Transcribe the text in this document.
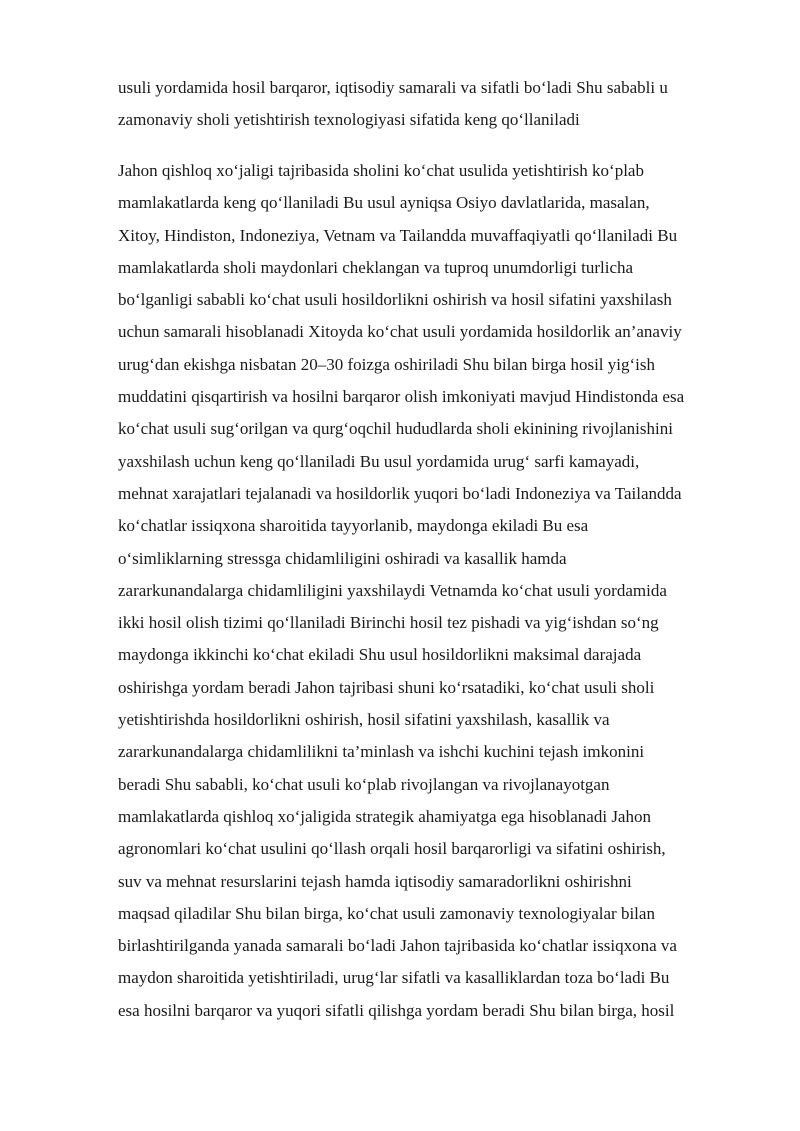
usuli yordamida hosil barqaror, iqtisodiy samarali va sifatli bo‘ladi Shu sababli u
zamonaviy sholi yetishtirish texnologiyasi sifatida keng qo‘llaniladi

Jahon qishloq xo‘jaligi tajribasida sholini ko‘chat usulida yetishtirish ko‘plab
mamlakatlarda keng qo‘llaniladi Bu usul ayniqsa Osiyo davlatlarida, masalan,
Xitoy, Hindiston, Indoneziya, Vetnam va Tailandda muvaffaqiyatli qo‘llaniladi Bu
mamlakatlarda sholi maydonlari cheklangan va tuproq unumdorligi turlicha
bo‘lganligi sababli ko‘chat usuli hosildorlikni oshirish va hosil sifatini yaxshilash
uchun samarali hisoblanadi Xitoyda ko‘chat usuli yordamida hosildorlik an’anaviy
urug‘dan ekishga nisbatan 20–30 foizga oshiriladi Shu bilan birga hosil yig‘ish
muddatini qisqartirish va hosilni barqaror olish imkoniyati mavjud Hindistonda esa
ko‘chat usuli sug‘orilgan va qurg‘oqchil hududlarda sholi ekinining rivojlanishini
yaxshilash uchun keng qo‘llaniladi Bu usul yordamida urug‘ sarfi kamayadi,
mehnat xarajatlari tejalanadi va hosildorlik yuqori bo‘ladi Indoneziya va Tailandda
ko‘chatlar issiqxona sharoitida tayyorlanib, maydonga ekiladi Bu esa
o‘simliklarning stressga chidamliligini oshiradi va kasallik hamda
zararkunandalarga chidamliligini yaxshilaydi Vetnamda ko‘chat usuli yordamida
ikki hosil olish tizimi qo‘llaniladi Birinchi hosil tez pishadi va yig‘ishdan so‘ng
maydonga ikkinchi ko‘chat ekiladi Shu usul hosildorlikni maksimal darajada
oshirishga yordam beradi Jahon tajribasi shuni ko‘rsatadiki, ko‘chat usuli sholi
yetishtirishda hosildorlikni oshirish, hosil sifatini yaxshilash, kasallik va
zararkunandalarga chidamlilikni ta’minlash va ishchi kuchini tejash imkonini
beradi Shu sababli, ko‘chat usuli ko‘plab rivojlangan va rivojlanayotgan
mamlakatlarda qishloq xo‘jaligida strategik ahamiyatga ega hisoblanadi Jahon
agronomlari ko‘chat usulini qo‘llash orqali hosil barqarorligi va sifatini oshirish,
suv va mehnat resurslarini tejash hamda iqtisodiy samaradorlikni oshirishni
maqsad qiladilar Shu bilan birga, ko‘chat usuli zamonaviy texnologiyalar bilan
birlashtirilganda yanada samarali bo‘ladi Jahon tajribasida ko‘chatlar issiqxona va
maydon sharoitida yetishtiriladi, urug‘lar sifatli va kasalliklardan toza bo‘ladi Bu
esa hosilni barqaror va yuqori sifatli qilishga yordam beradi Shu bilan birga, hosil
